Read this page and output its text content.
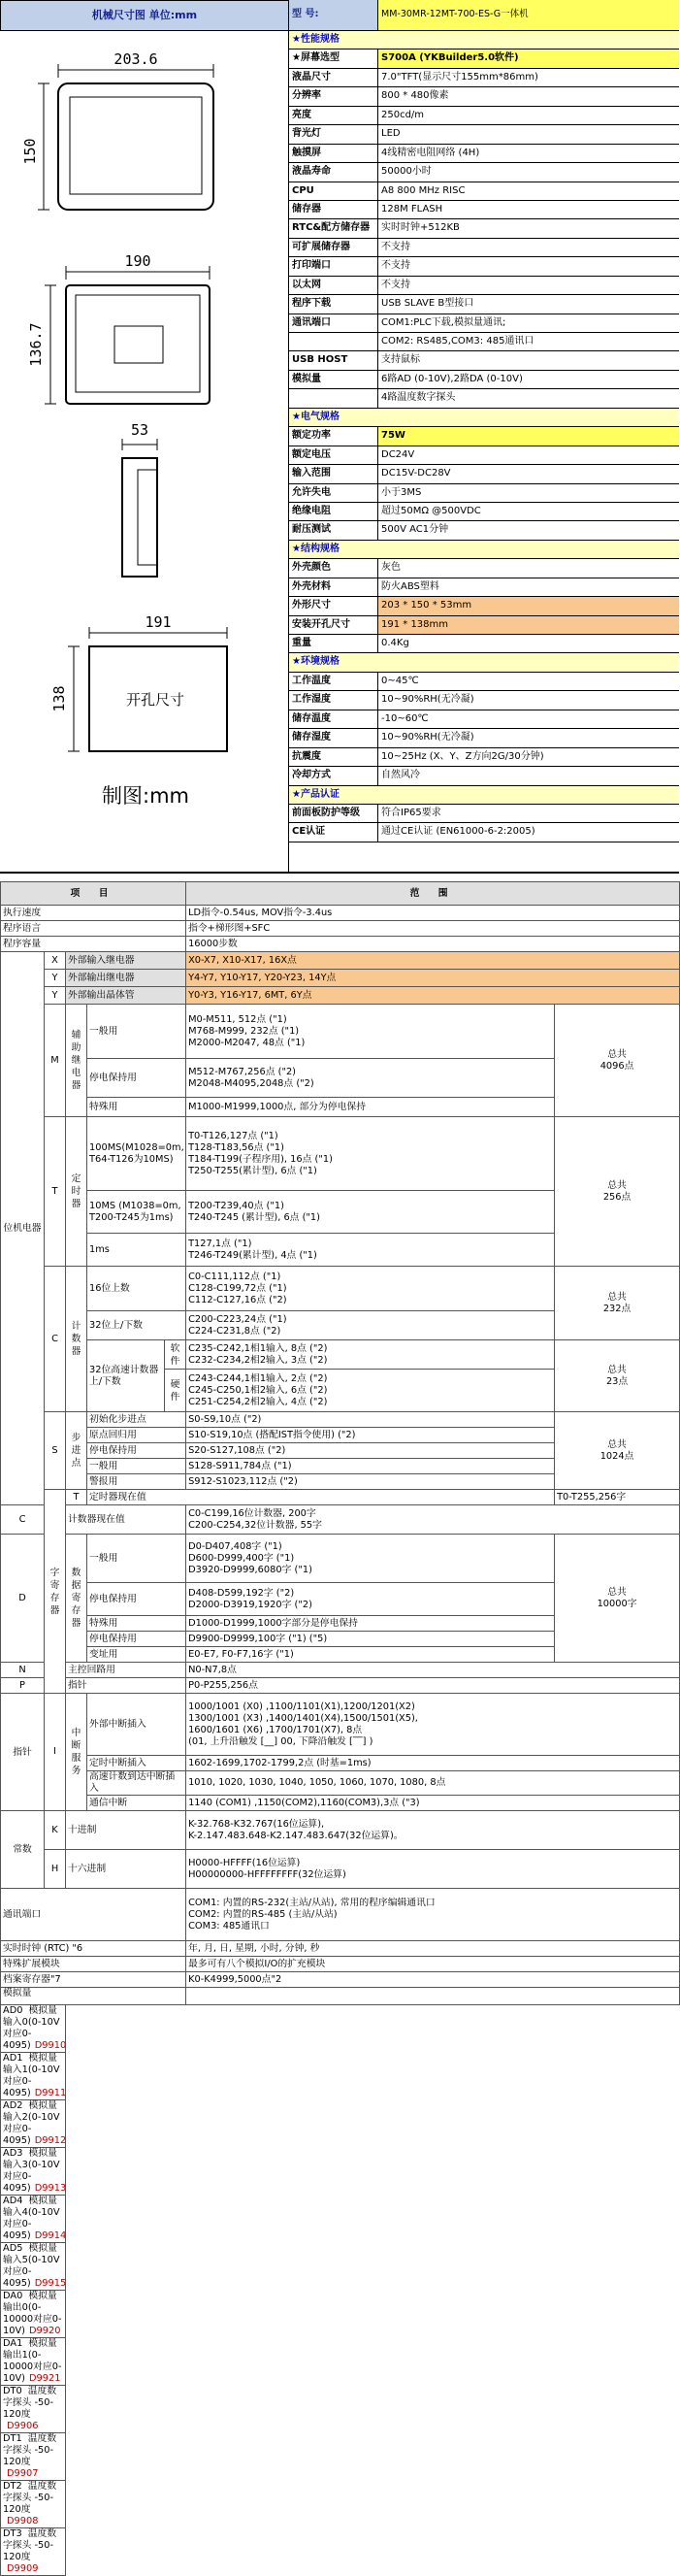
机械尺寸图 单位:mm
203.6
150
190
136.7
53
191
138	开孔尺寸
制图:mm
型 号:	MM-30MR-12MT-700-ES-G一体机
★性能规格
★屏幕选型	S700A (YKBuilder5.0软件)
液晶尺寸	7.0"TFT(显示尺寸155mm*86mm)
分辨率	800 * 480像素
亮度	250cd/m
背光灯	LED
触摸屏	4线精密电阻网络 (4H)
液晶寿命	50000小时
CPU	A8 800 MHz RISC
储存器	128M FLASH
RTC&配方储存器	实时时钟+512KB
可扩展储存器	不支持
打印端口	不支持
以太网	不支持
程序下载	USB SLAVE B型接口
通讯端口	COM1:PLC下载,模拟量通讯;
COM2: RS485,COM3: 485通讯口
USB HOST	支持鼠标
模拟量	6路AD (0-10V),2路DA (0-10V)
4路温度数字探头
★电气规格
额定功率	75W
额定电压	DC24V
输入范围	DC15V-DC28V
允许失电	小于3MS
绝缘电阻	超过50MΩ @500VDC
耐压测试	500V AC1分钟
★结构规格
外壳颜色	灰色
外壳材料	防火ABS塑料
外形尺寸	203 * 150 * 53mm
安装开孔尺寸	191 * 138mm
重量	0.4Kg
★环境规格
工作温度	0~45℃
工作湿度	10~90%RH(无冷凝)
储存温度	-10~60℃
储存湿度	10~90%RH(无冷凝)
抗震度	10~25Hz (X、Y、Z方向2G/30分钟)
冷却方式	自然风冷
★产品认证
前面板防护等级	符合IP65要求
CE认证	通过CE认证 (EN61000-6-2:2005)
项 目					范 围	
执行速度					LD指令-0.54us, MOV指令-3.4us	
程序语言					指令+梯形图+SFC	
程序容量					16000步数	
位机电器	X	外部输入继电器			X0-X7, X10-X17, 16X点	
	Y	外部输出继电器			Y4-Y7, Y10-Y17, Y20-Y23, 14Y点	
	Y	外部输出晶体管			Y0-Y3, Y16-Y17, 6MT, 6Y点	
	M	辅助继电器	一般用		M0-M511, 512点 ("1)
M768-M999, 232点 ("1)
M2000-M2047, 48点 ("1)	总共
4096点
			停电保持用		M512-M767,256点 ("2)
M2048-M4095,2048点 ("2)	
			特殊用		M1000-M1999,1000点, 部分为停电保持	
	T	定时器	100MS(M1028=0m, T64-T126为10MS)		T0-T126,127点 ("1)
T128-T183,56点 ("1)
T184-T199(子程序用), 16点 ("1)
T250-T255(累计型), 6点 ("1)	总共
256点
			10MS (M1038=0m, T200-T245为1ms)		T200-T239,40点 ("1)
T240-T245 (累计型), 6点 ("1)	
			1ms		T127,1点 ("1)
T246-T249(累计型), 4点 ("1)	
	C	计数器	16位上数		C0-C111,112点 ("1)
C128-C199,72点 ("1)
C112-C127,16点 ("2)	总共
232点
			32位上/下数		C200-C223,24点 ("1)
C224-C231,8点 ("2)	
			32位高速计数器上/下数	软件	C235-C242,1相1输入, 8点 ("2)
C232-C234,2相2输入, 3点 ("2)	总共
23点
				硬件	C243-C244,1相1输入, 2点 ("2)
C245-C250,1相2输入, 6点 ("2)
C251-C254,2相2输入, 4点 ("2)	
	S	步进点	初始化步进点		S0-S9,10点 ("2)	总共
1024点
			原点回归用		S10-S19,10点 (搭配IST指令使用) ("2)	
			停电保持用		S20-S127,108点 ("2)	
			一般用		S128-S911,784点 ("1)	
			警报用		S912-S1023,112点 ("2)	
	字寄存器	T	定时器现在值			T0-T255,256字
C		计数器现在值			C0-C199,16位计数器, 200字
C200-C254,32位计数器, 55字	
D		数据寄存器	一般用		D0-D407,408字 ("1)
D600-D999,400字 ("1)
D3920-D9999,6080字 ("1)	总共
10000字
			停电保持用		D408-D599,192字 ("2)
D2000-D3919,1920字 ("2)	
			特殊用		D1000-D1999,1000字部分是停电保持	
			停电保持用		D9900-D9999,100字 ("1) ("5)	
			变址用		E0-E7, F0-F7,16字 ("1)	
N		主控回路用			N0-N7,8点	
P		指针			P0-P255,256点	
指针	I	中断服务	外部中断插入		1000/1001 (X0) ,1100/1101(X1),1200/1201(X2)
1300/1001 (X3) ,1400/1401(X4),1500/1501(X5),
1600/1601 (X6) ,1700/1701(X7), 8点
(01, 上升沿触发 [__] 00, 下降沿触发 [‾‾] )	
			定时中断插入		1602-1699,1702-1799,2点 (时基=1ms)	
			高速计数到达中断插入		1010, 1020, 1030, 1040, 1050, 1060, 1070, 1080, 8点	
			通信中断		1140 (COM1) ,1150(COM2),1160(COM3),3点 ("3)	
常数	K	十进制			K-32.768-K32.767(16位运算),
K-2.147.483.648-K2.147.483.647(32位运算)。	
	H	十六进制			H0000-HFFFF(16位运算)
H00000000-HFFFFFFFF(32位运算)	
通讯端口					COM1: 内置的RS-232(主站/从站), 常用的程序编辑通讯口
COM2: 内置的RS-485 (主站/从站)
COM3: 485通讯口	
实时时钟 (RTC) "6					年, 月, 日, 星期, 小时, 分钟, 秒	
特殊扩展模块					最多可有八个模拟I/O的扩充模块	
档案寄存器"7					K0-K4999,5000点"2	
模拟量						
AD0 模拟量输入0(0-10V对应0-4095) D9910						
AD1 模拟量输入1(0-10V对应0-4095) D9911						
AD2 模拟量输入2(0-10V对应0-4095) D9912						
AD3 模拟量输入3(0-10V对应0-4095) D9913						
AD4 模拟量输入4(0-10V对应0-4095) D9914						
AD5 模拟量输入5(0-10V对应0-4095) D9915						
DA0 模拟量输出0(0-10000对应0-10V) D9920						
DA1 模拟量输出1(0-10000对应0-10V) D9921						
DT0 温度数字探头 -50-120度D9906						
DT1 温度数字探头 -50-120度D9907						
DT2 温度数字探头 -50-120度D9908						
DT3 温度数字探头 -50-120度D9909						
